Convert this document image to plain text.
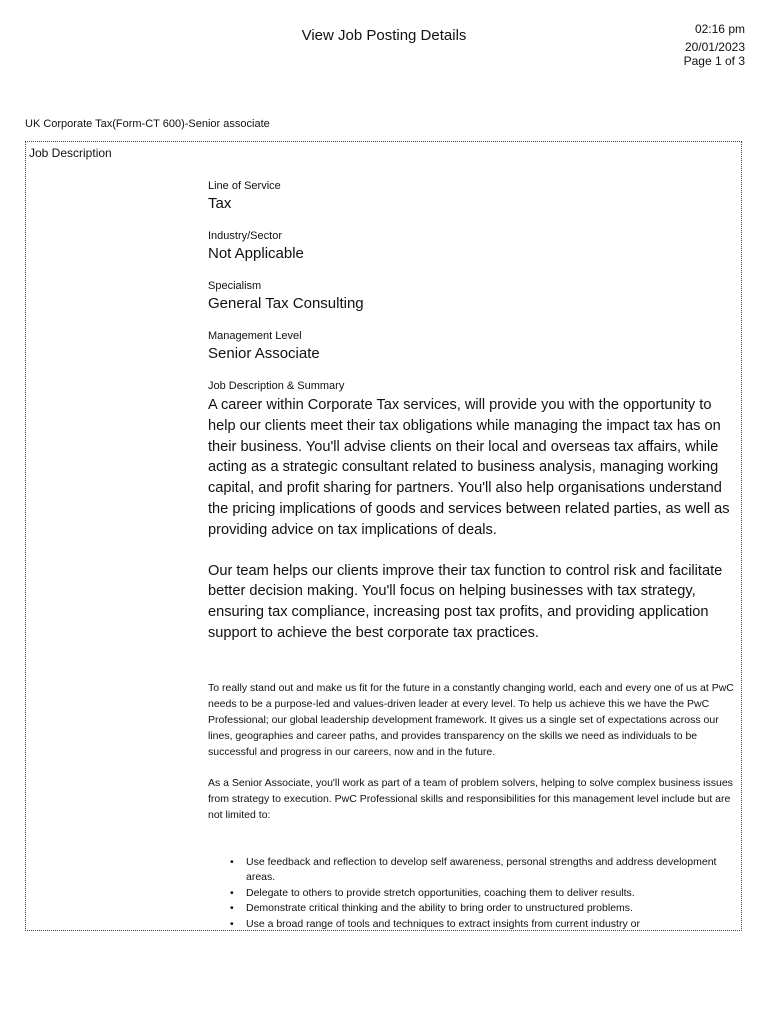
View Job Posting Details	02:16 pm
20/01/2023
Page 1 of 3
UK Corporate Tax(Form-CT 600)-Senior associate
Job Description
Line of Service
Tax
Industry/Sector
Not Applicable
Specialism
General Tax Consulting
Management Level
Senior Associate
Job Description & Summary

A career within Corporate Tax services, will provide you with the opportunity to help our clients meet their tax obligations while managing the impact tax has on their business. You'll advise clients on their local and overseas tax affairs, while acting as a strategic consultant related to business analysis, managing working capital, and profit sharing for partners. You'll also help organisations understand the pricing implications of goods and services between related parties, as well as providing advice on tax implications of deals.

Our team helps our clients improve their tax function to control risk and facilitate better decision making. You'll focus on helping businesses with tax strategy, ensuring tax compliance, increasing post tax profits, and providing application support to achieve the best corporate tax practices.

To really stand out and make us fit for the future in a constantly changing world, each and every one of us at PwC needs to be a purpose-led and values-driven leader at every level. To help us achieve this we have the PwC Professional; our global leadership development framework. It gives us a single set of expectations across our lines, geographies and career paths, and provides transparency on the skills we need as individuals to be successful and progress in our careers, now and in the future.

As a Senior Associate, you'll work as part of a team of problem solvers, helping to solve complex business issues from strategy to execution. PwC Professional skills and responsibilities for this management level include but are not limited to:

• Use feedback and reflection to develop self awareness, personal strengths and address development areas.
• Delegate to others to provide stretch opportunities, coaching them to deliver results.
• Demonstrate critical thinking and the ability to bring order to unstructured problems.
• Use a broad range of tools and techniques to extract insights from current industry or
